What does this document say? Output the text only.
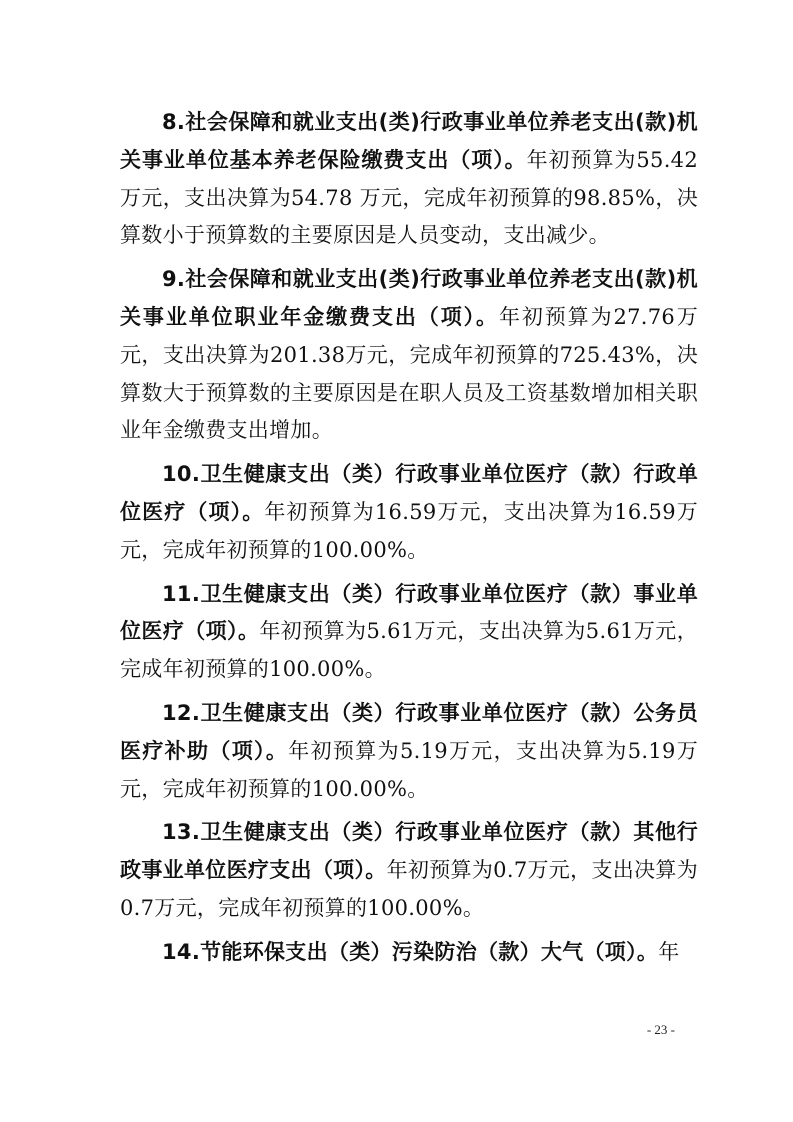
8.社会保障和就业支出(类)行政事业单位养老支出(款)机关事业单位基本养老保险缴费支出（项）。年初预算为55.42 万元，支出决算为54.78 万元，完成年初预算的98.85%，决算数小于预算数的主要原因是人员变动，支出减少。

9.社会保障和就业支出(类)行政事业单位养老支出(款)机关事业单位职业年金缴费支出（项）。年初预算为27.76万元，支出决算为201.38万元，完成年初预算的725.43%，决算数大于预算数的主要原因是在职人员及工资基数增加相关职业年金缴费支出增加。

10.卫生健康支出（类）行政事业单位医疗（款）行政单位医疗（项）。年初预算为16.59万元，支出决算为16.59万元，完成年初预算的100.00%。

11.卫生健康支出（类）行政事业单位医疗（款）事业单位医疗（项）。年初预算为5.61万元，支出决算为5.61万元，完成年初预算的100.00%。

12.卫生健康支出（类）行政事业单位医疗（款）公务员医疗补助（项）。年初预算为5.19万元，支出决算为5.19万元，完成年初预算的100.00%。

13.卫生健康支出（类）行政事业单位医疗（款）其他行政事业单位医疗支出（项）。年初预算为0.7万元，支出决算为0.7万元，完成年初预算的100.00%。

14.节能环保支出（类）污染防治（款）大气（项）。年

- 23 -
